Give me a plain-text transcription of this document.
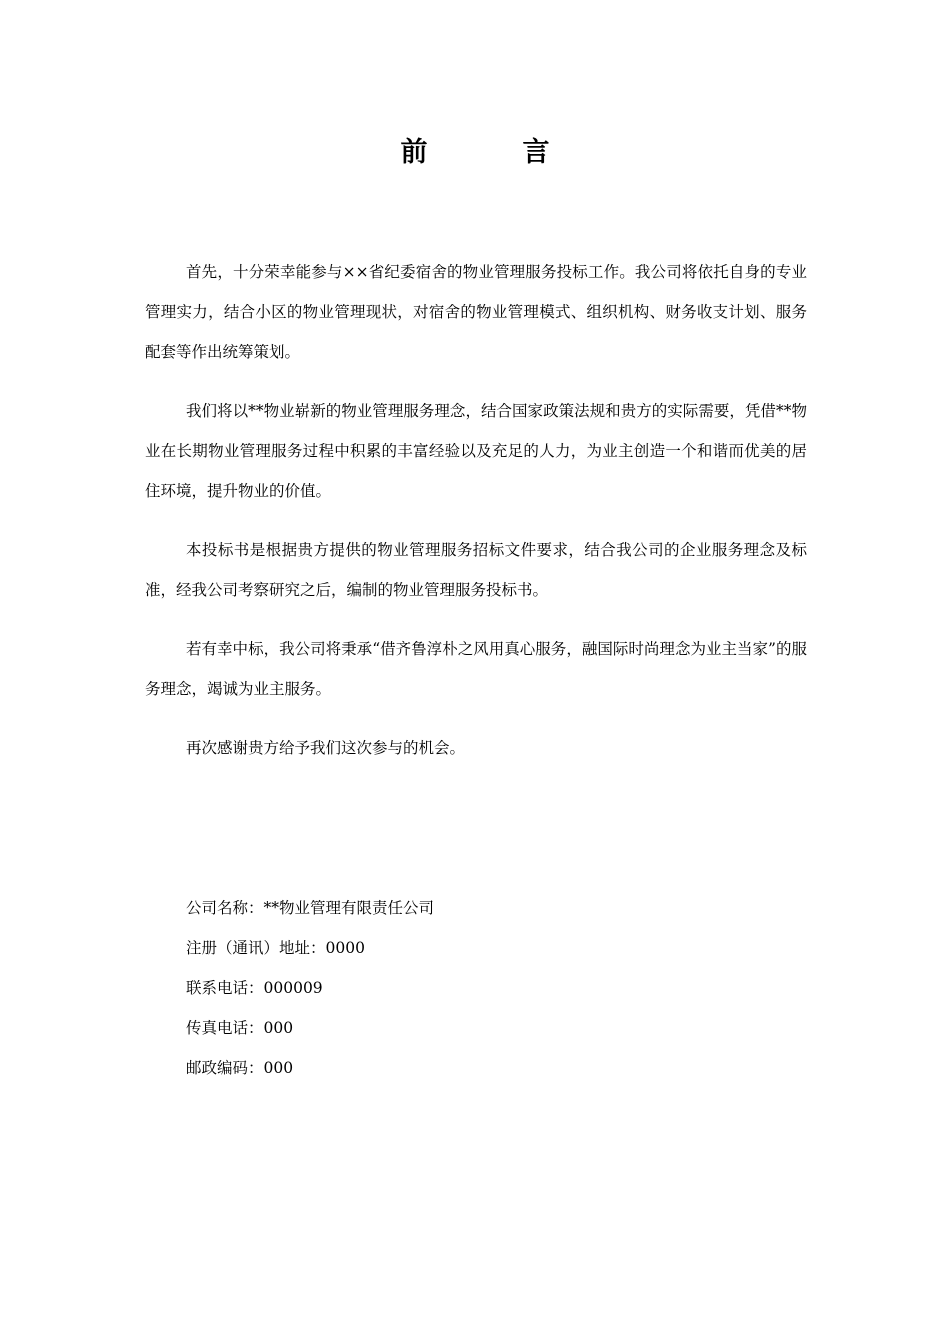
前　言

首先，十分荣幸能参与××省纪委宿舍的物业管理服务投标工作。我公司将依托自身的专业管理实力，结合小区的物业管理现状，对宿舍的物业管理模式、组织机构、财务收支计划、服务配套等作出统筹策划。

我们将以**物业崭新的物业管理服务理念，结合国家政策法规和贵方的实际需要，凭借**物业在长期物业管理服务过程中积累的丰富经验以及充足的人力，为业主创造一个和谐而优美的居住环境，提升物业的价值。

本投标书是根据贵方提供的物业管理服务招标文件要求，结合我公司的企业服务理念及标准，经我公司考察研究之后，编制的物业管理服务投标书。

若有幸中标，我公司将秉承“借齐鲁淳朴之风用真心服务，融国际时尚理念为业主当家”的服务理念，竭诚为业主服务。

再次感谢贵方给予我们这次参与的机会。

公司名称：**物业管理有限责任公司

注册（通讯）地址：0000

联系电话：000009

传真电话：000

邮政编码：000
